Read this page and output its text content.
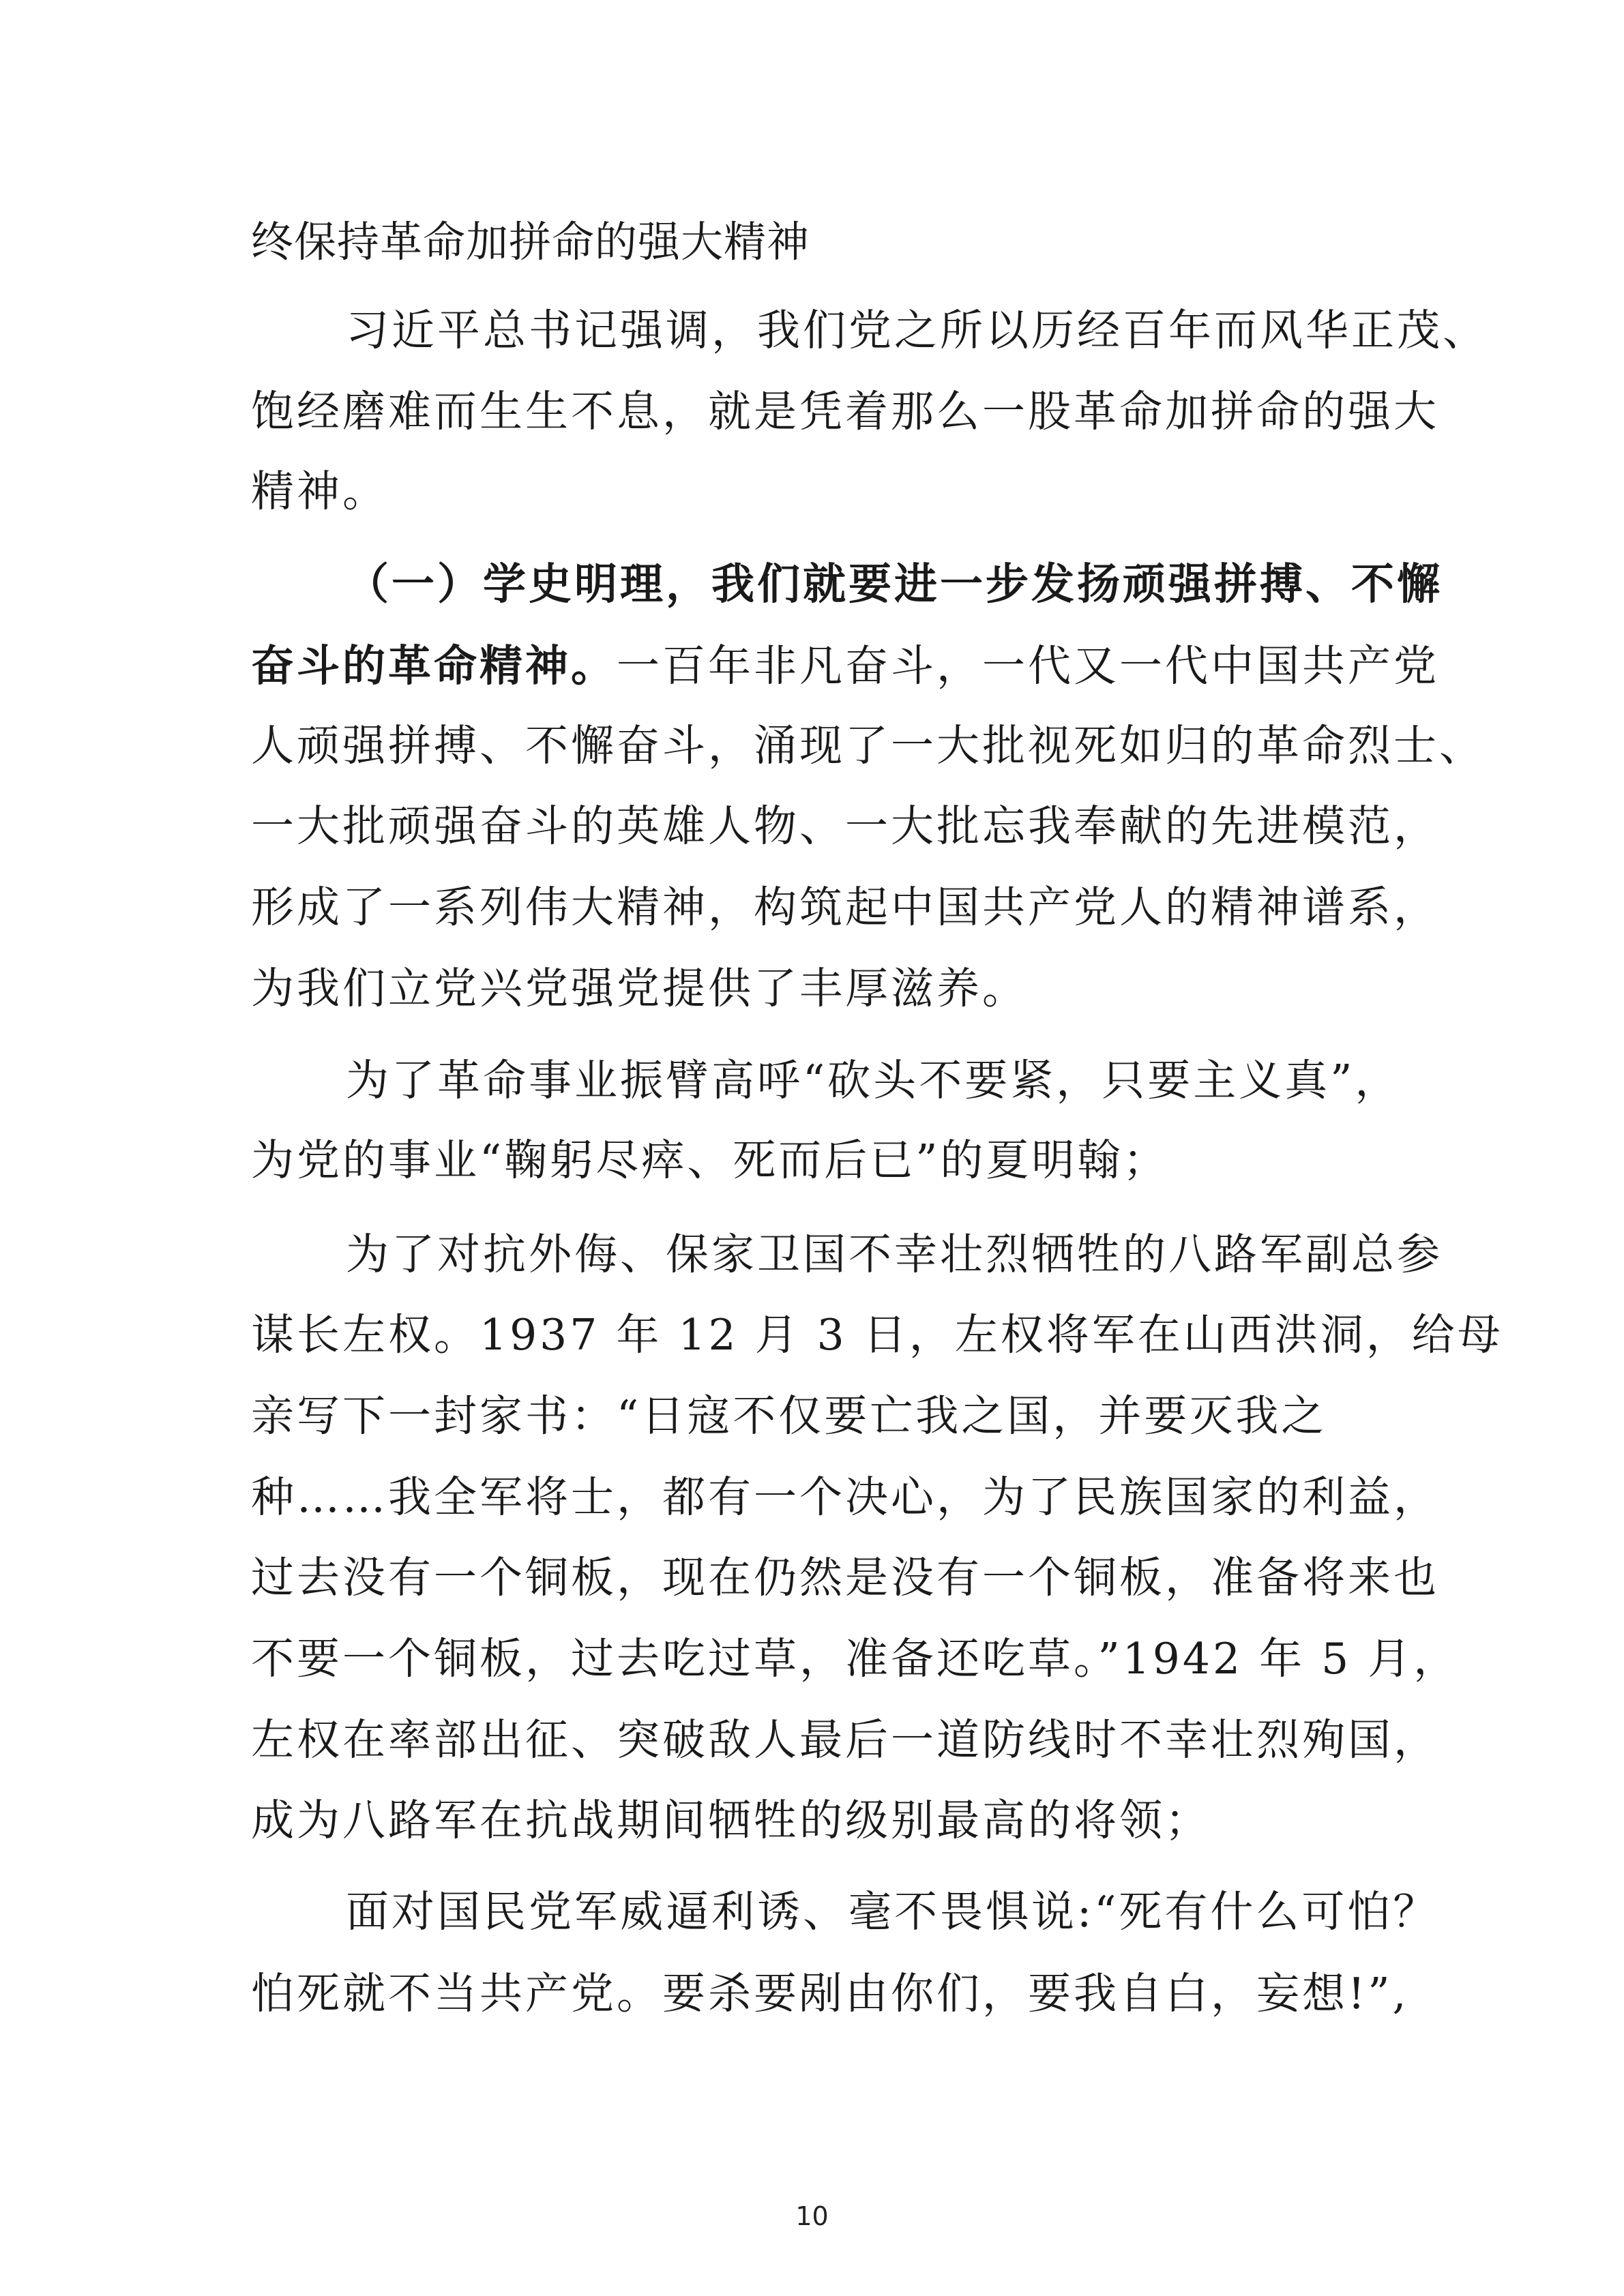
终保持革命加拼命的强大精神
习近平总书记强调，我们党之所以历经百年而风华正茂、
饱经磨难而生生不息，就是凭着那么一股革命加拼命的强大
精神。
（一）学史明理，我们就要进一步发扬顽强拼搏、不懈
奋斗的革命精神。一百年非凡奋斗，一代又一代中国共产党
人顽强拼搏、不懈奋斗，涌现了一大批视死如归的革命烈士、
一大批顽强奋斗的英雄人物、一大批忘我奉献的先进模范，
形成了一系列伟大精神，构筑起中国共产党人的精神谱系，
为我们立党兴党强党提供了丰厚滋养。
为了革命事业振臂高呼“砍头不要紧，只要主义真”，
为党的事业“鞠躬尽瘁、死而后已”的夏明翰；
为了对抗外侮、保家卫国不幸壮烈牺牲的八路军副总参
谋长左权。1937 年 12 月 3 日，左权将军在山西洪洞，给母
亲写下一封家书：“日寇不仅要亡我之国，并要灭我之
种……我全军将士，都有一个决心，为了民族国家的利益，
过去没有一个铜板，现在仍然是没有一个铜板，准备将来也
不要一个铜板，过去吃过草，准备还吃草。”1942 年 5 月，
左权在率部出征、突破敌人最后一道防线时不幸壮烈殉国，
成为八路军在抗战期间牺牲的级别最高的将领；
面对国民党军威逼利诱、毫不畏惧说:“死有什么可怕？
怕死就不当共产党。要杀要剐由你们，要我自白，妄想!”,
10
